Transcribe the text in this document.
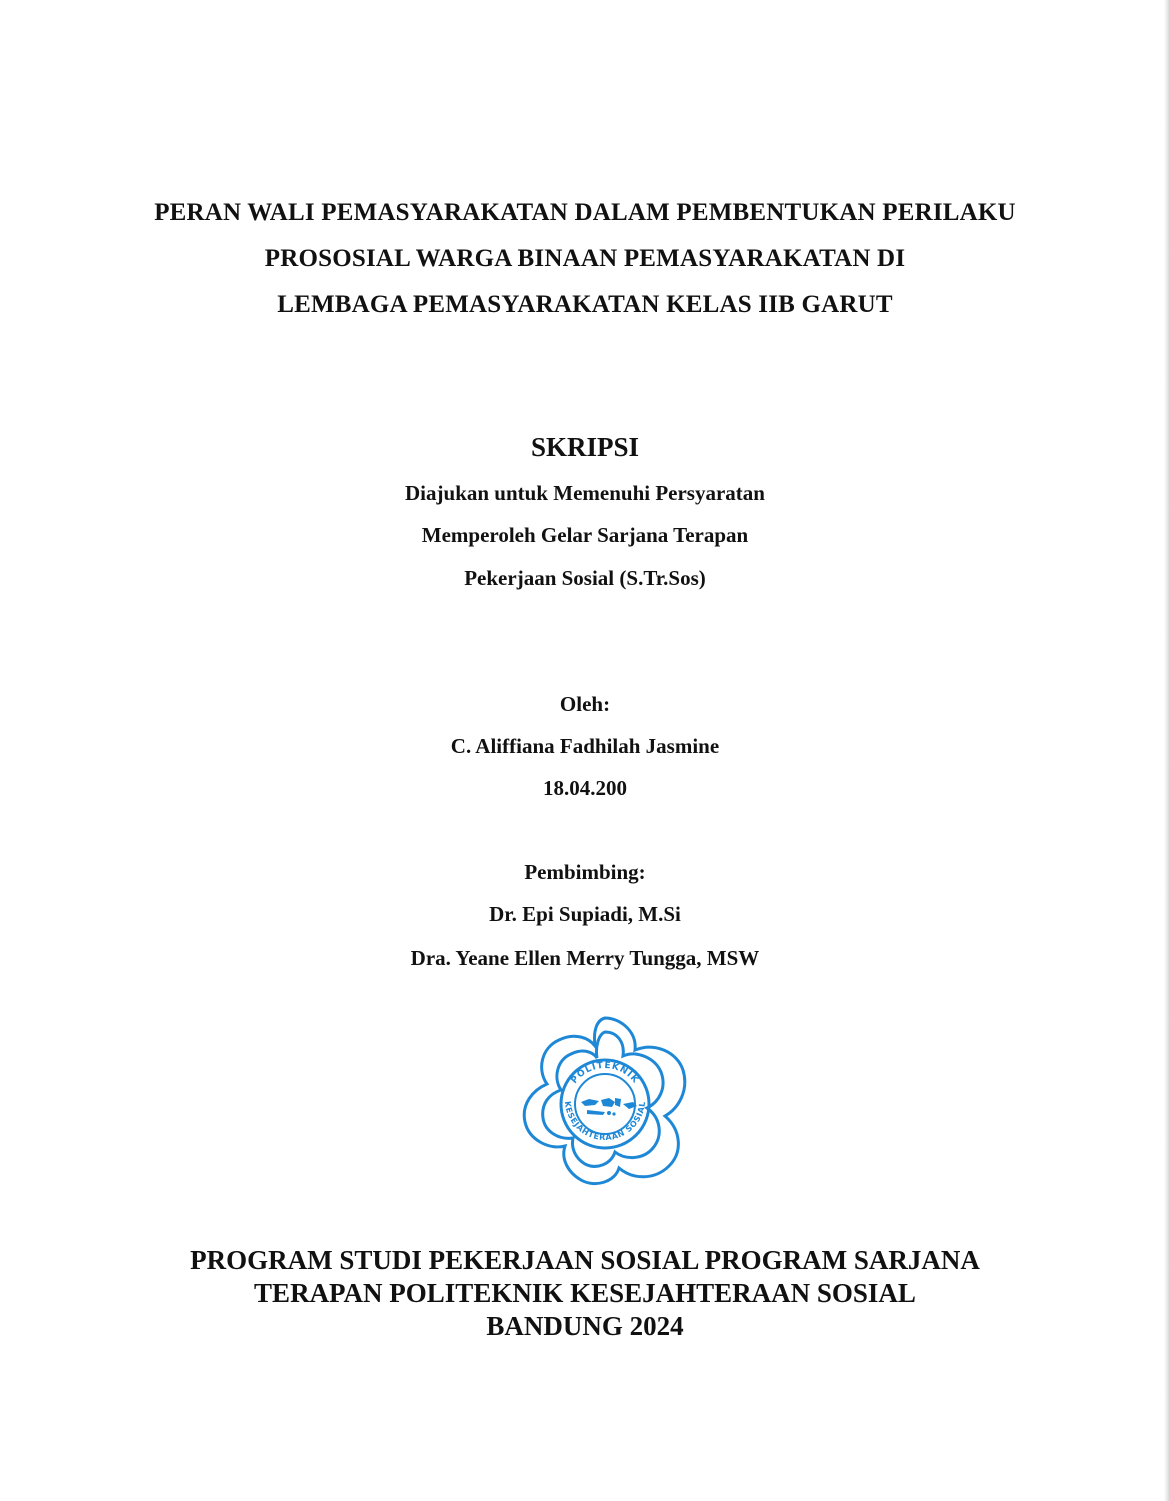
PERAN WALI PEMASYARAKATAN DALAM PEMBENTUKAN PERILAKU
PROSOSIAL WARGA BINAAN PEMASYARAKATAN DI
LEMBAGA PEMASYARAKATAN KELAS IIB GARUT
SKRIPSI
Diajukan untuk Memenuhi Persyaratan
Memperoleh Gelar Sarjana Terapan
Pekerjaan Sosial (S.Tr.Sos)
Oleh:
C. Aliffiana Fadhilah Jasmine
18.04.200
Pembimbing:
Dr. Epi Supiadi, M.Si
Dra. Yeane Ellen Merry Tungga, MSW
POLITEKNIK
KESEJAHTERAAN SOSIAL
PROGRAM STUDI PEKERJAAN SOSIAL PROGRAM SARJANA
TERAPAN POLITEKNIK KESEJAHTERAAN SOSIAL
BANDUNG 2024
